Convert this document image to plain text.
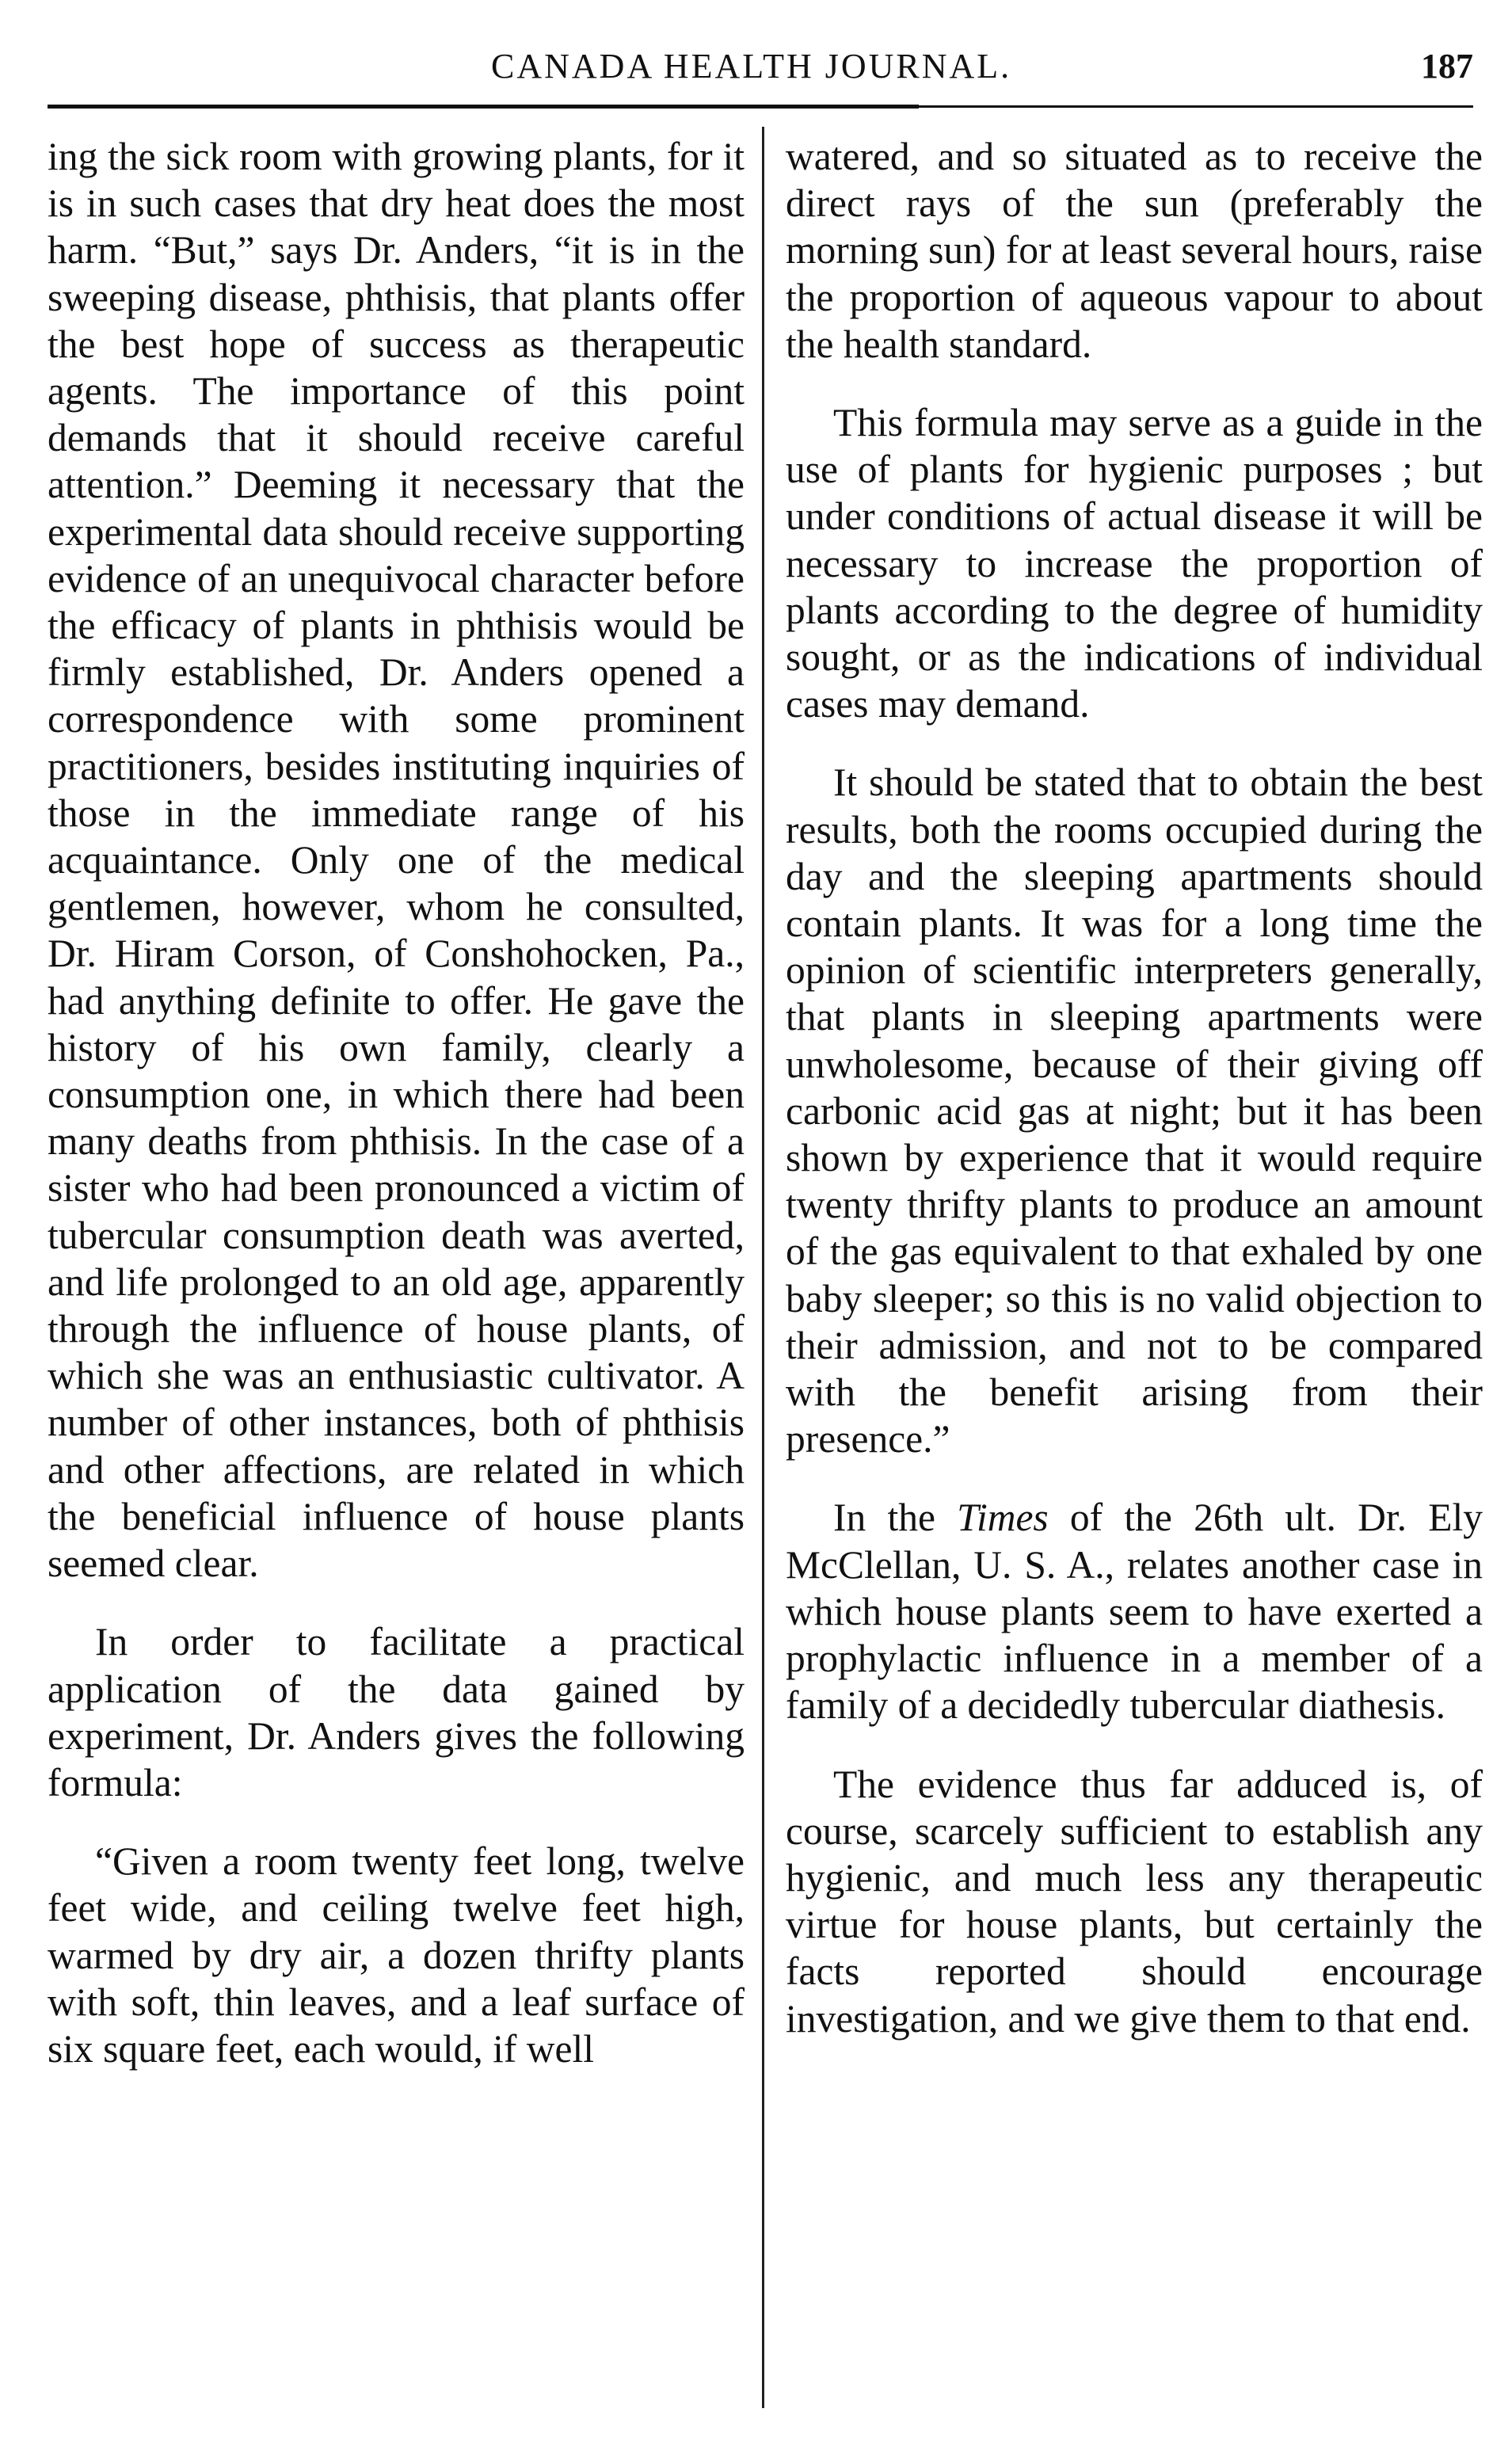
CANADA HEALTH JOURNAL.	187

ing the sick room with growing plants, for it is in such cases that dry heat does the most harm. “But,” says Dr. Anders, “it is in the sweeping disease, phthisis, that plants offer the best hope of success as therapeutic agents. The importance of this point demands that it should receive careful attention.” Deeming it necessary that the experimental data should receive supporting evidence of an unequivocal character before the efficacy of plants in phthisis would be firmly established, Dr. Anders opened a correspondence with some prominent practitioners, besides instituting inquiries of those in the immediate range of his acquaintance. Only one of the medical gentlemen, however, whom he consulted, Dr. Hiram Corson, of Conshohocken, Pa., had anything definite to offer. He gave the history of his own family, clearly a consumption one, in which there had been many deaths from phthisis. In the case of a sister who had been pronounced a victim of tubercular consumption death was averted, and life prolonged to an old age, apparently through the influence of house plants, of which she was an enthusiastic cultivator. A number of other instances, both of phthisis and other affections, are related in which the beneficial influence of house plants seemed clear.

In order to facilitate a practical application of the data gained by experiment, Dr. Anders gives the following formula:

“Given a room twenty feet long, twelve feet wide, and ceiling twelve feet high, warmed by dry air, a dozen thrifty plants with soft, thin leaves, and a leaf surface of six square feet, each would, if well

watered, and so situated as to receive the direct rays of the sun (preferably the morning sun) for at least several hours, raise the proportion of aqueous vapour to about the health standard.

This formula may serve as a guide in the use of plants for hygienic purposes ; but under conditions of actual disease it will be necessary to increase the proportion of plants according to the degree of humidity sought, or as the indications of individual cases may demand.

It should be stated that to obtain the best results, both the rooms occupied during the day and the sleeping apartments should contain plants. It was for a long time the opinion of scientific interpreters generally, that plants in sleeping apartments were unwholesome, because of their giving off carbonic acid gas at night; but it has been shown by experience that it would require twenty thrifty plants to produce an amount of the gas equivalent to that exhaled by one baby sleeper; so this is no valid objection to their admission, and not to be compared with the benefit arising from their presence.”

In the Times of the 26th ult. Dr. Ely McClellan, U. S. A., relates another case in which house plants seem to have exerted a prophylactic influence in a member of a family of a decidedly tubercular diathesis.

The evidence thus far adduced is, of course, scarcely sufficient to establish any hygienic, and much less any therapeutic virtue for house plants, but certainly the facts reported should encourage investigation, and we give them to that end.
